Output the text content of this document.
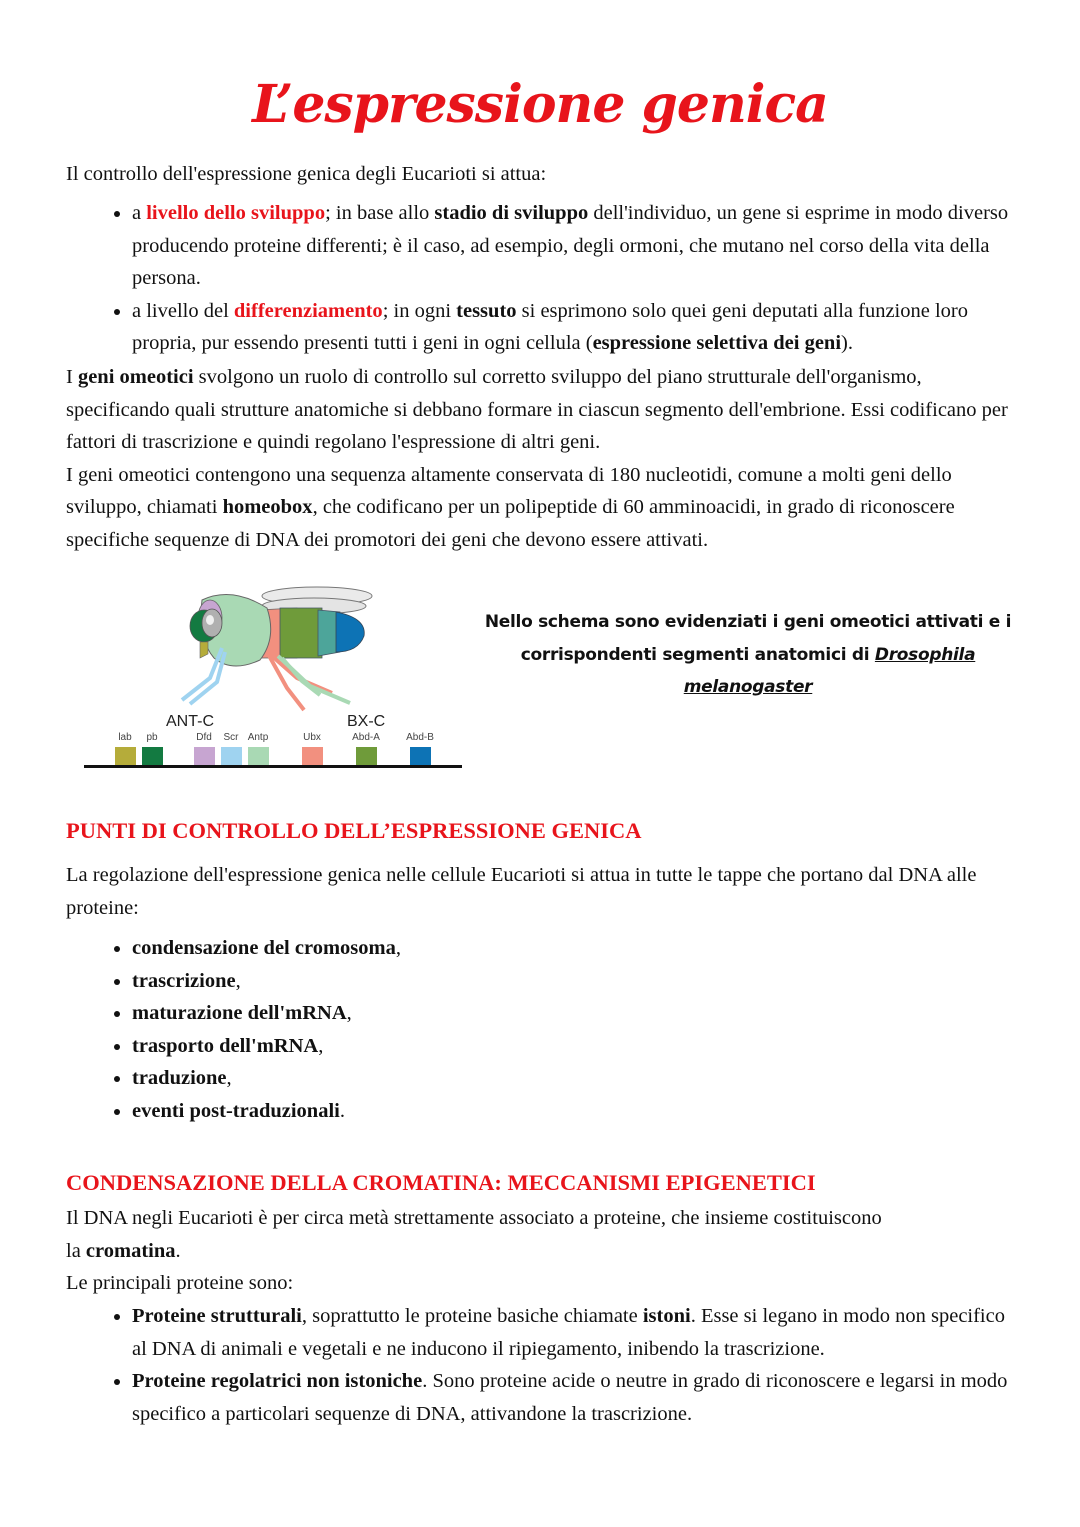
L’espressione genica

Il controllo dell'espressione genica degli Eucarioti si attua:

• a livello dello sviluppo; in base allo stadio di sviluppo dell'individuo, un gene si esprime in modo diverso producendo proteine differenti; è il caso, ad esempio, degli ormoni, che mutano nel corso della vita della persona.
• a livello del differenziamento; in ogni tessuto si esprimono solo quei geni deputati alla funzione loro propria, pur essendo presenti tutti i geni in ogni cellula (espressione selettiva dei geni).

I geni omeotici svolgono un ruolo di controllo sul corretto sviluppo del piano strutturale dell'organismo, specificando quali strutture anatomiche si debbano formare in ciascun segmento dell'embrione. Essi codificano per fattori di trascrizione e quindi regolano l'espressione di altri geni.
I geni omeotici contengono una sequenza altamente conservata di 180 nucleotidi, comune a molti geni dello sviluppo, chiamati homeobox, che codificano per un polipeptide di 60 amminoacidi, in grado di riconoscere specifiche sequenze di DNA dei promotori dei geni che devono essere attivati.

ANT-C	BX-C
lab	pb	Dfd	Scr Antp	Ubx	Abd-A	Abd-B
Nello schema sono evidenziati i geni omeotici attivati e i corrispondenti segmenti anatomici di Drosophila melanogaster
PUNTI DI CONTROLLO DELL’ESPRESSIONE GENICA

La regolazione dell'espressione genica nelle cellule Eucarioti si attua in tutte le tappe che portano dal DNA alle proteine:

• condensazione del cromosoma,
• trascrizione,
• maturazione dell'mRNA,
• trasporto dell'mRNA,
• traduzione,
• eventi post-traduzionali.
CONDENSAZIONE DELLA CROMATINA: MECCANISMI EPIGENETICI

Il DNA negli Eucarioti è per circa metà strettamente associato a proteine, che insieme costituiscono
la cromatina.
Le principali proteine sono:

• Proteine strutturali, soprattutto le proteine basiche chiamate istoni. Esse si legano in modo non specifico al DNA di animali e vegetali e ne inducono il ripiegamento, inibendo la trascrizione.
• Proteine regolatrici non istoniche. Sono proteine acide o neutre in grado di riconoscere e legarsi in modo specifico a particolari sequenze di DNA, attivandone la trascrizione.
